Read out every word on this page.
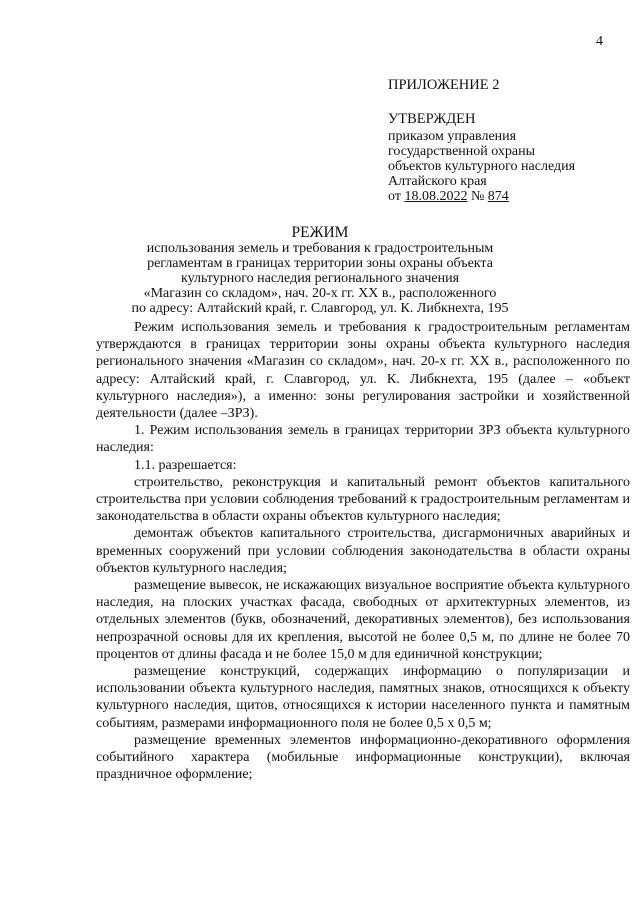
4
ПРИЛОЖЕНИЕ 2
УТВЕРЖДЕН
приказом управления
государственной охраны
объектов культурного наследия
Алтайского края
от 18.08.2022 № 874
РЕЖИМ
использования земель и требования к градостроительным
регламентам в границах территории зоны охраны объекта
культурного наследия регионального значения
«Магазин со складом», нач. 20-х гг. XX в., расположенного
по адресу: Алтайский край, г. Славгород, ул. К. Либкнехта, 195

Режим использования земель и требования к градостроительным регламентам утверждаются в границах территории зоны охраны объекта культурного наследия регионального значения «Магазин со складом», нач. 20-х гг. XX в., расположенного по адресу: Алтайский край, г. Славгород, ул. К. Либкнехта, 195 (далее – «объект культурного наследия»), а именно: зоны регулирования застройки и хозяйственной деятельности (далее –ЗРЗ).

1. Режим использования земель в границах территории ЗРЗ объекта культурного наследия:

1.1. разрешается:

строительство, реконструкция и капитальный ремонт объектов капитального строительства при условии соблюдения требований к градостроительным регламентам и законодательства в области охраны объектов культурного наследия;

демонтаж объектов капитального строительства, дисгармоничных аварийных и временных сооружений при условии соблюдения законодательства в области охраны объектов культурного наследия;

размещение вывесок, не искажающих визуальное восприятие объекта культурного наследия, на плоских участках фасада, свободных от архитектурных элементов, из отдельных элементов (букв, обозначений, декоративных элементов), без использования непрозрачной основы для их крепления, высотой не более 0,5 м, по длине не более 70 процентов от длины фасада и не более 15,0 м для единичной конструкции;

размещение конструкций, содержащих информацию о популяризации и использовании объекта культурного наследия, памятных знаков, относящихся к объекту культурного наследия, щитов, относящихся к истории населенного пункта и памятным событиям, размерами информационного поля не более 0,5 х 0,5 м;

размещение временных элементов информационно-декоративного оформления событийного характера (мобильные информационные конструкции), включая праздничное оформление;
